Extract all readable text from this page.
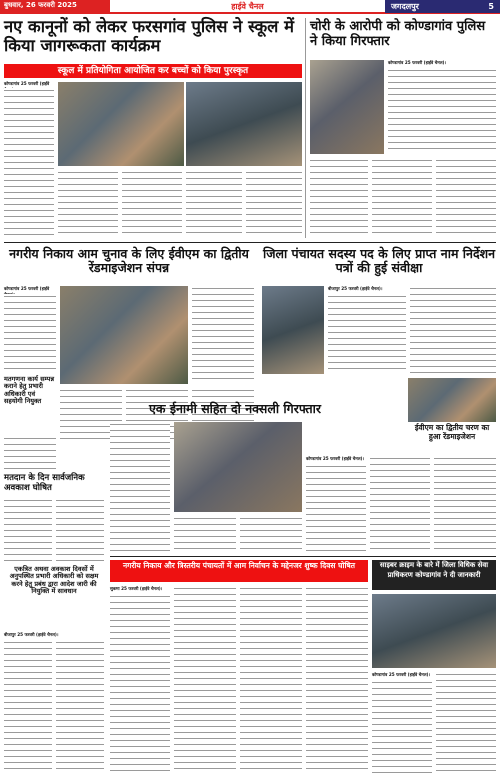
बुधवार, 26 फरवरी 2025	हाईवे चैनल	जगदलपुर	5
नए कानूनों को लेकर फरसगांव पुलिस ने स्कूल में किया जागरूकता कार्यक्रम
स्कूल में प्रतियोगिता आयोजित कर बच्चों को किया पुरस्कृत
कोण्डागांव 25 फरवरी (हाईवे
चोरी के आरोपी को कोण्डागांव पुलिस ने किया गिरफ्तार
कोण्डागांव 25 फरवरी (हाईवे चैनल)।
नगरीय निकाय आम चुनाव के लिए ईवीएम का द्वितीय रेंडमाइजेशन संपन्न
कोण्डागांव 25 फरवरी (हाईवे
जिला पंचायत सदस्य पद के लिए प्राप्त नाम निर्देशन पत्रों की हुई संवीक्षा
बीजापुर 25 फरवरी (हाईवे चैनल)।
मतगणना कार्य सम्पन्न कराने हेतु प्रभारी अधिकारी एवं सहयोगी नियुक्त	एक ईनामी सहित दो नक्सली गिरफ्तार
ईवीएम का द्वितीय चरण का हुआ रेंडमाइजेशन
कोण्डागांव 25 फरवरी (हाईवे चैनल)।
मतदान के दिन सार्वजनिक अवकाश घोषित
नगरीय निकाय और त्रिस्तरीय पंचायतों में आम निर्वाचन के मद्देनजर शुष्क दिवस घोषित
सुकमा 25 फरवरी (हाईवे चैनल)।
साइबर क्राइम के बारे में जिला विधिक सेवा प्राधिकरण कोण्डागांव ने दी जानकारी
कोण्डागांव 25 फरवरी (हाईवे चैनल)।
एकत्रित अथवा अवकाश दिवसों में अनुपस्थित प्रभारी अधिकारी को सक्षम करने हेतु प्रबंध द्वारा आदेश जारी की नियुक्ति में सावधान
बीजापुर 25 फरवरी (हाईवे चैनल)।
